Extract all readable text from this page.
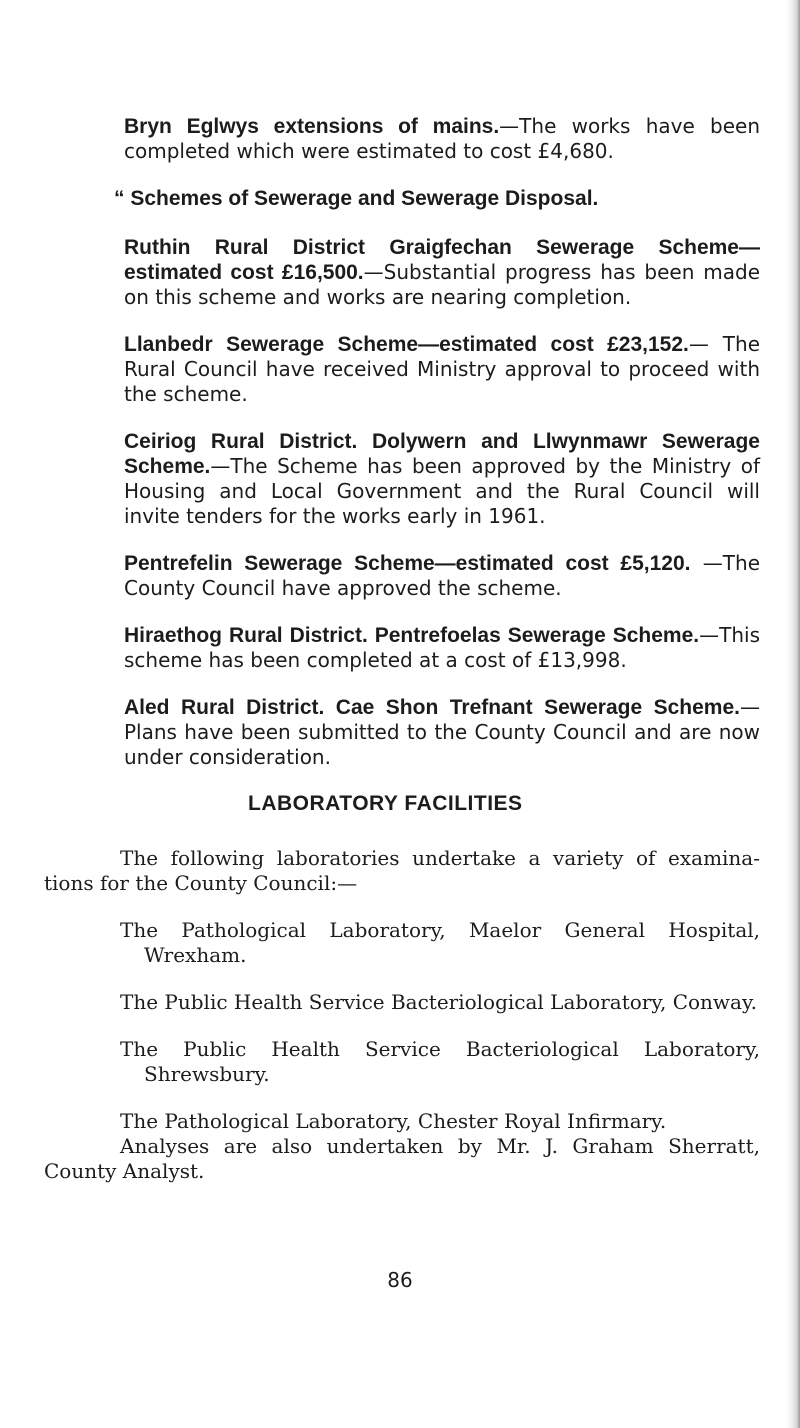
Bryn Eglwys extensions of mains.—The works have been completed which were estimated to cost £4,680.
“ Schemes of Sewerage and Sewerage Disposal.
Ruthin Rural District Graigfechan Sewerage Scheme— estimated cost £16,500.—Substantial progress has been made on this scheme and works are nearing completion.
Llanbedr Sewerage Scheme—estimated cost £23,152.— The Rural Council have received Ministry approval to proceed with the scheme.
Ceiriog Rural District. Dolywern and Llwynmawr Sewerage Scheme.—The Scheme has been approved by the Ministry of Housing and Local Government and the Rural Council will invite tenders for the works early in 1961.
Pentrefelin Sewerage Scheme—estimated cost £5,120. —The County Council have approved the scheme.
Hiraethog Rural District. Pentrefoelas Sewerage Scheme.—This scheme has been completed at a cost of £13,998.
Aled Rural District. Cae Shon Trefnant Sewerage Scheme.—Plans have been submitted to the County Council and are now under consideration.
LABORATORY FACILITIES
The following laboratories undertake a variety of examina- tions for the County Council:—
The Pathological Laboratory, Maelor General Hospital, Wrexham.
The Public Health Service Bacteriological Laboratory, Conway.
The Public Health Service Bacteriological Laboratory, Shrewsbury.
The Pathological Laboratory, Chester Royal Infirmary.
Analyses are also undertaken by Mr. J. Graham Sherratt, County Analyst.
86
